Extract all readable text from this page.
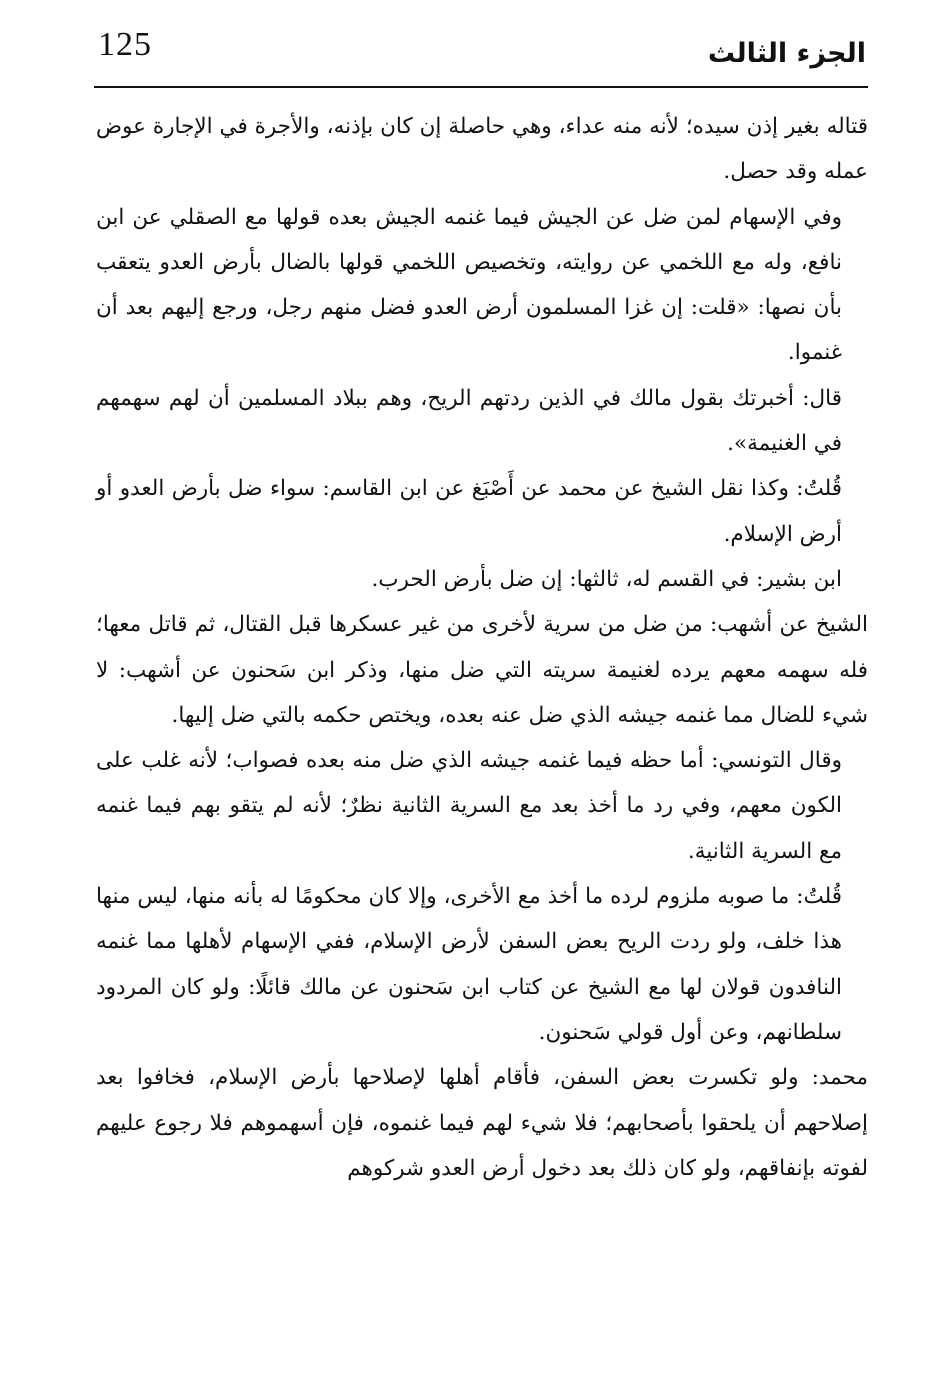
125	الجزء الثالث

قتاله بغير إذن سيده؛ لأنه منه عداء، وهي حاصلة إن كان بإذنه، والأجرة في الإجارة عوض عمله وقد حصل.

وفي الإسهام لمن ضل عن الجيش فيما غنمه الجيش بعده قولها مع الصقلي عن ابن نافع، وله مع اللخمي عن روايته، وتخصيص اللخمي قولها بالضال بأرض العدو يتعقب بأن نصها: «قلت: إن غزا المسلمون أرض العدو فضل منهم رجل، ورجع إليهم بعد أن غنموا.

قال: أخبرتك بقول مالك في الذين ردتهم الريح، وهم ببلاد المسلمين أن لهم سهمهم في الغنيمة».

قُلتُ: وكذا نقل الشيخ عن محمد عن أَصْبَغ عن ابن القاسم: سواء ضل بأرض العدو أو أرض الإسلام.

ابن بشير: في القسم له، ثالثها: إن ضل بأرض الحرب.

الشيخ عن أشهب: من ضل من سرية لأخرى من غير عسكرها قبل القتال، ثم قاتل معها؛ فله سهمه معهم يرده لغنيمة سريته التي ضل منها، وذكر ابن سَحنون عن أشهب: لا شيء للضال مما غنمه جيشه الذي ضل عنه بعده، ويختص حكمه بالتي ضل إليها.

وقال التونسي: أما حظه فيما غنمه جيشه الذي ضل منه بعده فصواب؛ لأنه غلب على الكون معهم، وفي رد ما أخذ بعد مع السرية الثانية نظرٌ؛ لأنه لم يتقو بهم فيما غنمه مع السرية الثانية.

قُلتُ: ما صوبه ملزوم لرده ما أخذ مع الأخرى، وإلا كان محكومًا له بأنه منها، ليس منها هذا خلف، ولو ردت الريح بعض السفن لأرض الإسلام، ففي الإسهام لأهلها مما غنمه النافدون قولان لها مع الشيخ عن كتاب ابن سَحنون عن مالك قائلًا: ولو كان المردود سلطانهم، وعن أول قولي سَحنون.

محمد: ولو تكسرت بعض السفن، فأقام أهلها لإصلاحها بأرض الإسلام، فخافوا بعد إصلاحهم أن يلحقوا بأصحابهم؛ فلا شيء لهم فيما غنموه، فإن أسهموهم فلا رجوع عليهم لفوته بإنفاقهم، ولو كان ذلك بعد دخول أرض العدو شركوهم
